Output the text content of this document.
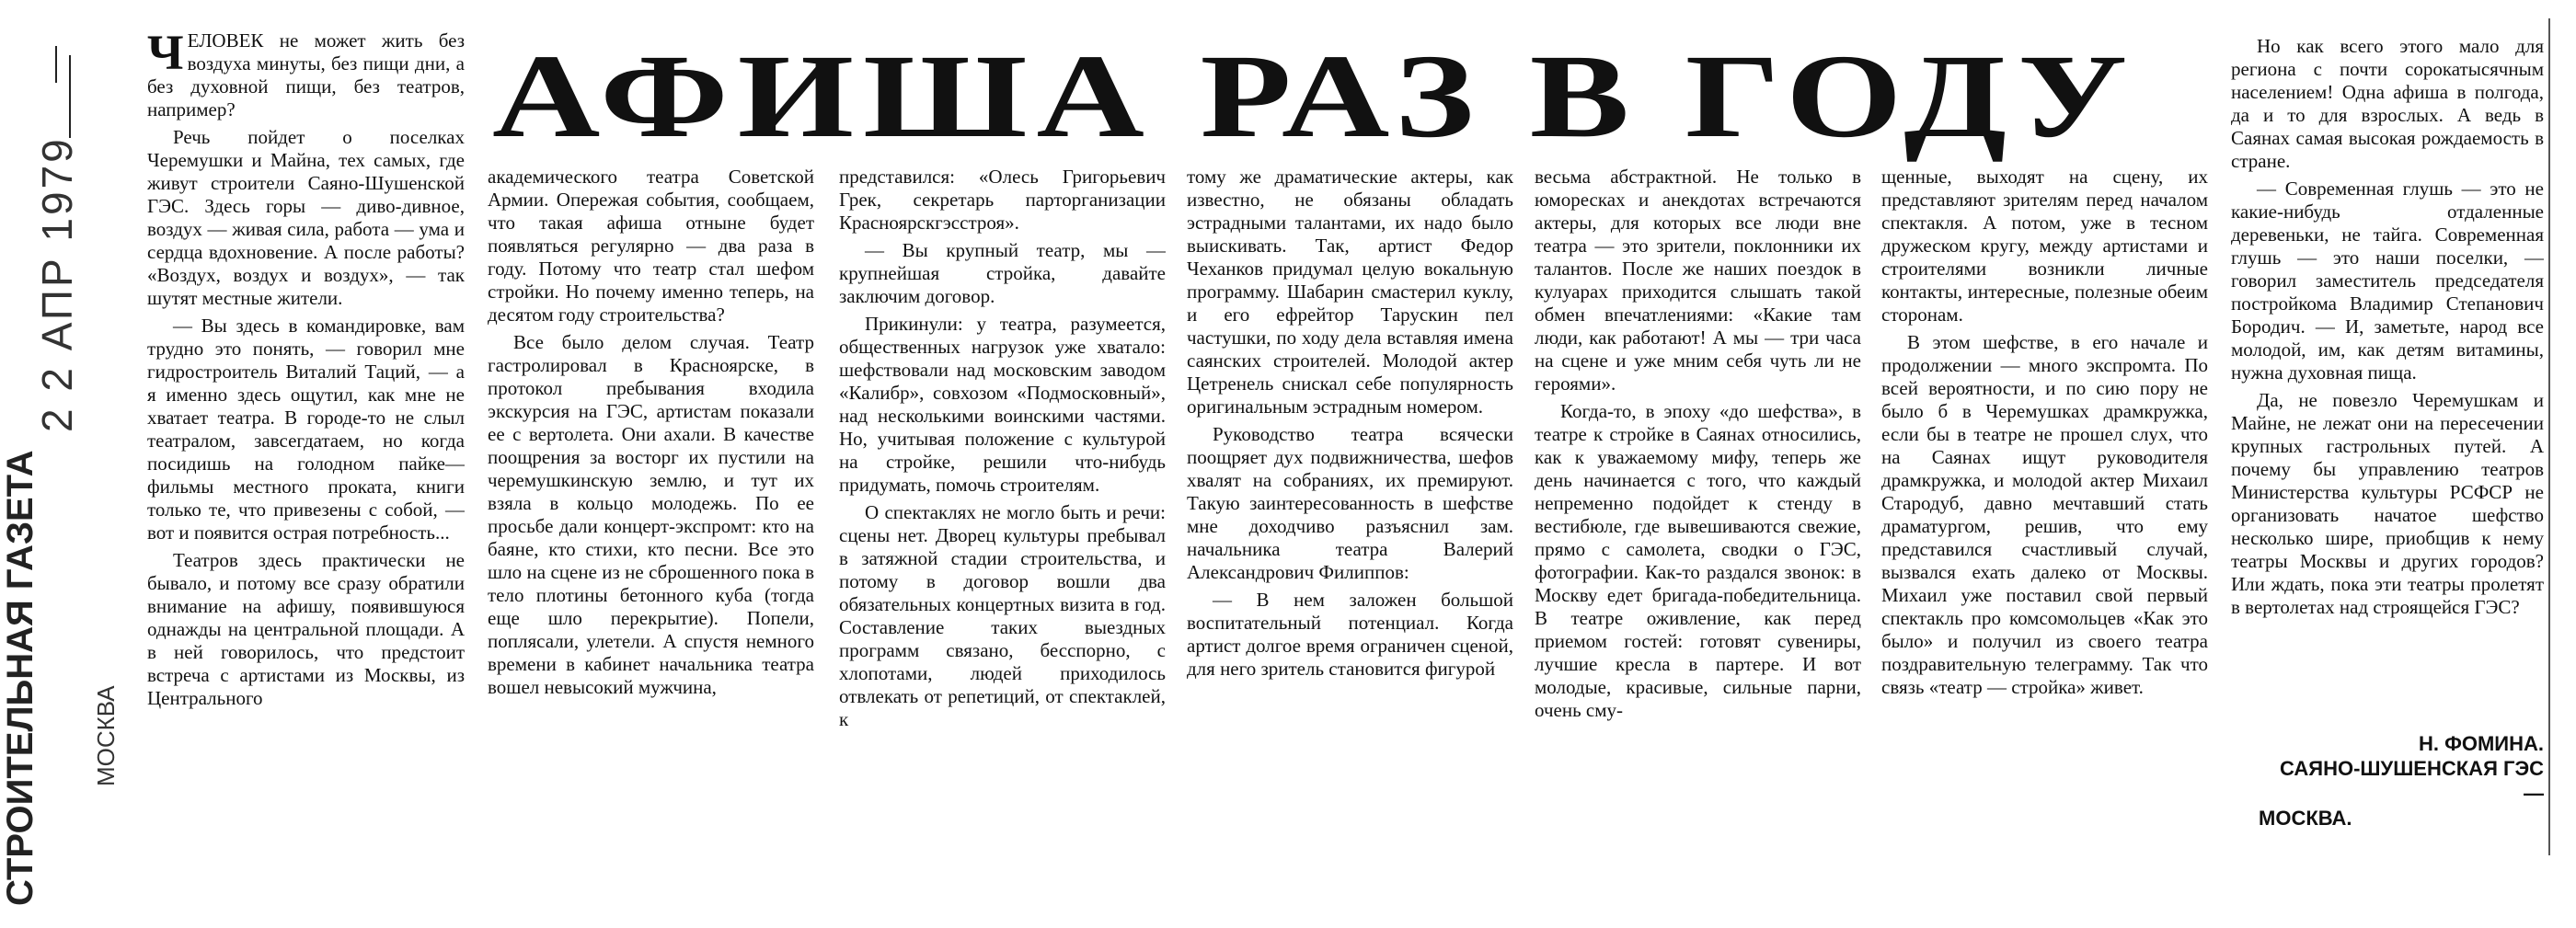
2 2 АПР 1979
СТРОИТЕЛЬНАЯ ГАЗЕТА МОСКВА
АФИША РАЗ В ГОДУ

ЧЕЛОВЕК не может жить без воздуха минуты, без пищи дни, а без духовной пищи, без театров, например?

Речь пойдет о поселках Черемушки и Майна, тех самых, где живут строители Саяно-Шушенской ГЭС. Здесь горы — диво-дивное, воздух — живая сила, работа — ума и сердца вдохновение. А после работы? «Воздух, воздух и воздух», — так шутят местные жители.

— Вы здесь в командировке, вам трудно это понять, — говорил мне гидростроитель Виталий Таций, — а я именно здесь ощутил, как мне не хватает театра. В городе-то не слыл театралом, завсегдатаем, но когда посидишь на голодном пайке—фильмы местного проката, книги только те, что привезены с собой, — вот и появится острая потребность...

Театров здесь практически не бывало, и потому все сразу обратили внимание на афишу, появившуюся однажды на центральной площади. А в ней говорилось, что предстоит встреча с артистами из Москвы, из Центрального

академического театра Советской Армии. Опережая события, сообщаем, что такая афиша отныне будет появляться регулярно — два раза в году. Потому что театр стал шефом стройки. Но почему именно теперь, на десятом году строительства?

Все было делом случая. Театр гастролировал в Красноярске, в протокол пребывания входила экскурсия на ГЭС, артистам показали ее с вертолета. Они ахали. В качестве поощрения за восторг их пустили на черемушкинскую землю, и тут их взяла в кольцо молодежь. По ее просьбе дали концерт-экспромт: кто на баяне, кто стихи, кто песни. Все это шло на сцене из не сброшенного пока в тело плотины бетонного куба (тогда еще шло перекрытие). Попели, поплясали, улетели. А спустя немного времени в кабинет начальника театра вошел невысокий мужчина,

представился: «Олесь Григорьевич Грек, секретарь парторганизации Красноярскгэсстроя».

— Вы крупный театр, мы — крупнейшая стройка, давайте заключим договор.

Прикинули: у театра, разумеется, общественных нагрузок уже хватало: шефствовали над московским заводом «Калибр», совхозом «Подмосковный», над несколькими воинскими частями. Но, учитывая положение с культурой на стройке, решили что-нибудь придумать, помочь строителям.

О спектаклях не могло быть и речи: сцены нет. Дворец культуры пребывал в затяжной стадии строительства, и потому в договор вошли два обязательных концертных визита в год. Составление таких выездных программ связано, бесспорно, с хлопотами, людей приходилось отвлекать от репетиций, от спектаклей, к

тому же драматические актеры, как известно, не обязаны обладать эстрадными талантами, их надо было выискивать. Так, артист Федор Чеханков придумал целую вокальную программу. Шабарин смастерил куклу, и его ефрейтор Тарускин пел частушки, по ходу дела вставляя имена саянских строителей. Молодой актер Цетренель снискал себе популярность оригинальным эстрадным номером.

Руководство театра всячески поощряет дух подвижничества, шефов хвалят на собраниях, их премируют. Такую заинтересованность в шефстве мне доходчиво разъяснил зам. начальника театра Валерий Александрович Филиппов:

— В нем заложен большой воспитательный потенциал. Когда артист долгое время ограничен сценой, для него зритель становится фигурой

весьма абстрактной. Не только в юморесках и анекдотах встречаются актеры, для которых все люди вне театра — это зрители, поклонники их талантов. После же наших поездок в кулуарах приходится слышать такой обмен впечатлениями: «Какие там люди, как работают! А мы — три часа на сцене и уже мним себя чуть ли не героями».

Когда-то, в эпоху «до шефства», в театре к стройке в Саянах относились, как к уважаемому мифу, теперь же день начинается с того, что каждый непременно подойдет к стенду в вестибюле, где вывешиваются свежие, прямо с самолета, сводки о ГЭС, фотографии. Как-то раздался звонок: в Москву едет бригада-победительница. В театре оживление, как перед приемом гостей: готовят сувениры, лучшие кресла в партере. И вот молодые, красивые, сильные парни, очень сму-

щенные, выходят на сцену, их представляют зрителям перед началом спектакля. А потом, уже в тесном дружеском кругу, между артистами и строителями возникли личные контакты, интересные, полезные обеим сторонам.

В этом шефстве, в его начале и продолжении — много экспромта. По всей вероятности, и по сию пору не было б в Черемушках драмкружка, если бы в театре не прошел слух, что на Саянах ищут руководителя драмкружка, и молодой актер Михаил Стародуб, давно мечтавший стать драматургом, решив, что ему представился счастливый случай, вызвался ехать далеко от Москвы. Михаил уже поставил свой первый спектакль про комсомольцев «Как это было» и получил из своего театра поздравительную телеграмму. Так что связь «театр — стройка» живет.

Но как всего этого мало для региона с почти сорокатысячным населением! Одна афиша в полгода, да и то для взрослых. А ведь в Саянах самая высокая рождаемость в стране.

— Современная глушь — это не какие-нибудь отдаленные деревеньки, не тайга. Современная глушь — это наши поселки, — говорил заместитель председателя постройкома Владимир Степанович Бородич. — И, заметьте, народ все молодой, им, как детям витамины, нужна духовная пища.

Да, не повезло Черемушкам и Майне, не лежат они на пересечении крупных гастрольных путей. А почему бы управлению театров Министерства культуры РСФСР не организовать начатое шефство несколько шире, приобщив к нему театры Москвы и других городов? Или ждать, пока эти театры пролетят в вертолетах над строящейся ГЭС?

Н. ФОМИНА.
САЯНО-ШУШЕНСКАЯ ГЭС —
МОСКВА.
